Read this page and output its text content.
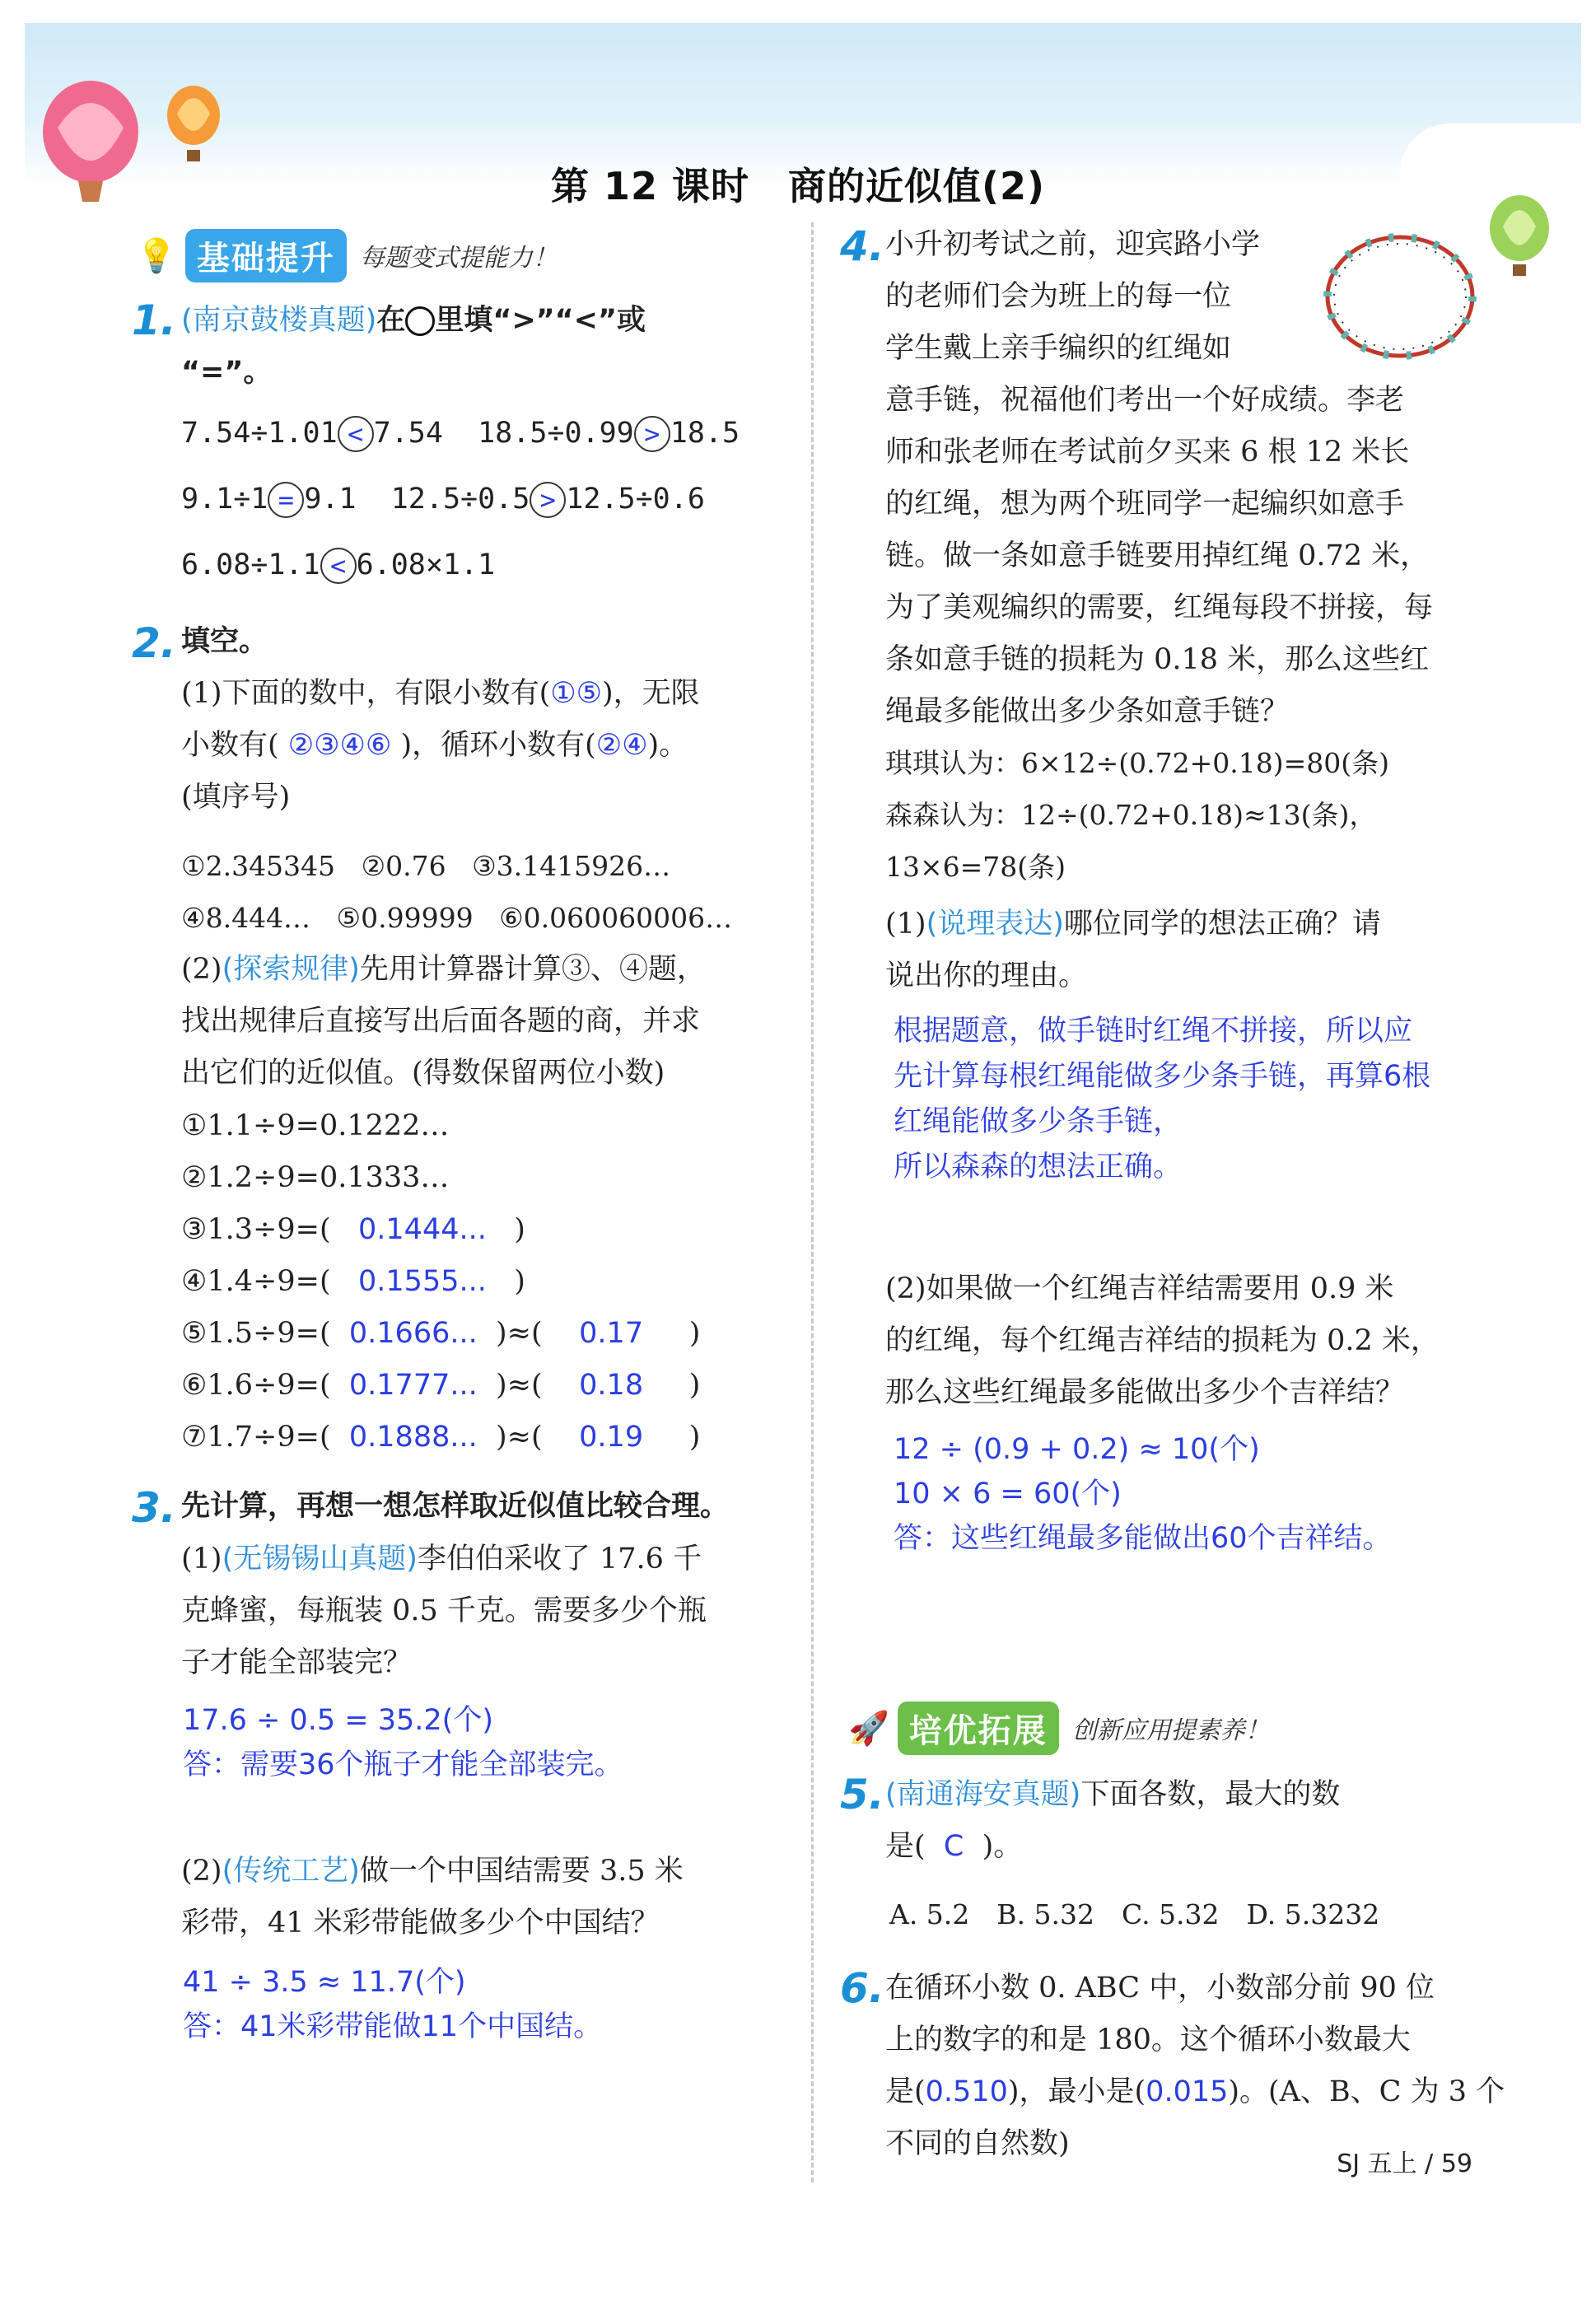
第 12 课时　商的近似值(2)
💡 基础提升	每题变式提能力！
1. (南京鼓楼真题)在 里填“>”“<”或
“=”。
7.54÷1.01 < 7.54 18.5÷0.99 > 18.5
9.1÷1 = 9.1 12.5÷0.5 > 12.5÷0.6
6.08÷1.1 < 6.08×1.1
2. 填空。
(1)下面的数中，有限小数有(①⑤)，无限
小数有( ②③④⑥ )，循环小数有(②④)。
(填序号)
①2.345345 ②0.76 ③3.1415926…
④8.444… ⑤0.99999 ⑥0.060060006…
(2)(探索规律)先用计算器计算③、④题，
找出规律后直接写出后面各题的商，并求
出它们的近似值。(得数保留两位小数)
①1.1÷9=0.1222…
②1.2÷9=0.1333…
③1.3÷9=( 0.1444... )
④1.4÷9=( 0.1555... )
⑤1.5÷9=( 0.1666... )≈( 0.17 )
⑥1.6÷9=( 0.1777... )≈( 0.18 )
⑦1.7÷9=( 0.1888... )≈( 0.19 )
3. 先计算，再想一想怎样取近似值比较合理。
(1)(无锡锡山真题)李伯伯采收了 17.6 千
克蜂蜜，每瓶装 0.5 千克。需要多少个瓶
子才能全部装完？
17.6 ÷ 0.5 = 35.2(个)
答：需要36个瓶子才能全部装完。
(2)(传统工艺)做一个中国结需要 3.5 米
彩带，41 米彩带能做多少个中国结？
41 ÷ 3.5 ≈ 11.7(个)
答：41米彩带能做11个中国结。
4. 小升初考试之前，迎宾路小学
的老师们会为班上的每一位
学生戴上亲手编织的红绳如
意手链，祝福他们考出一个好成绩。李老
师和张老师在考试前夕买来 6 根 12 米长
的红绳，想为两个班同学一起编织如意手
链。做一条如意手链要用掉红绳 0.72 米，
为了美观编织的需要，红绳每段不拼接，每
条如意手链的损耗为 0.18 米，那么这些红
绳最多能做出多少条如意手链？
琪琪认为：6×12÷(0.72+0.18)=80(条)
森森认为：12÷(0.72+0.18)≈13(条)，
13×6=78(条)
(1)(说理表达)哪位同学的想法正确？请
说出你的理由。
根据题意，做手链时红绳不拼接，所以应
先计算每根红绳能做多少条手链，再算6根
红绳能做多少条手链，
所以森森的想法正确。
(2)如果做一个红绳吉祥结需要用 0.9 米
的红绳，每个红绳吉祥结的损耗为 0.2 米，
那么这些红绳最多能做出多少个吉祥结？
12 ÷ (0.9 + 0.2) ≈ 10(个)
10 × 6 = 60(个)
答：这些红绳最多能做出60个吉祥结。
🚀 培优拓展	创新应用提素养！
5. (南通海安真题)下面各数，最大的数
是( C )。
A. 5.2　B. 5.32　C. 5.32　D. 5.3232
6. 在循环小数 0. ABC 中，小数部分前 90 位
上的数字的和是 180。这个循环小数最大
是(0.510)，最小是(0.015)。(A、B、C 为 3 个
不同的自然数)
SJ 五上 / 59
